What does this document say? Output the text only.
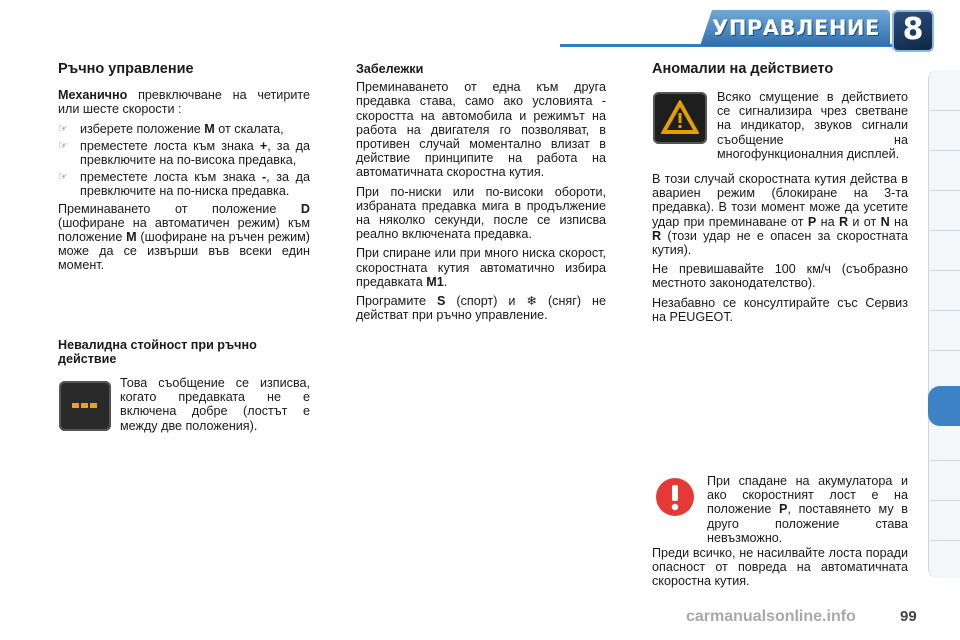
УПРАВЛЕНИЕ 8

Ръчно управление

Механично превключване на четирите или шесте скорости :

☞ изберете положение M от скалата,
☞ преместете лоста към знака +, за да превключите на по-висока предавка,
☞ преместете лоста към знака -, за да превключите на по-ниска предавка.

Преминаването от положение D (шофиране на автоматичен режим) към положение M (шофиране на ръчен режим) може да се извърши във всеки един момент.

Невалидна стойност при ръчно действие

Това съобщение се изписва, когато предавката не е включена добре (лостът е между две положения).

Забележки

Преминаването от една към друга предавка става, само ако условията - скоростта на автомобила и режимът на работа на двигателя го позволяват, в противен случай моментално влизат в действие принципите на работа на автоматичната скоростна кутия.

При по-ниски или по-високи обороти, избраната предавка мига в продължение на няколко секунди, после се изписва реално включената предавка.

При спиране или при много ниска скорост, скоростната кутия автоматично избира предавката M1.

Програмите S (спорт) и ❄ (сняг) не действат при ръчно управление.

Аномалии на действието

Всяко смущение в действието се сигнализира чрез светване на индикатор, звуков сигнали съобщение на многофункционалния дисплей.

В този случай скоростната кутия действа в авариен режим (блокиране на 3-та предавка). В този момент може да усетите удар при преминаване от P на R и от N на R (този удар не е опасен за скоростната кутия).

Не превишавайте 100 км/ч (съобразно местното законодателство).

Незабавно се консултирайте със Сервиз на PEUGEOT.

При спадане на акумулатора и ако скоростният лост е на положение P, поставянето му в друго положение става невъзможно.

Преди всичко, не насилвайте лоста поради опасност от повреда на автоматичната скоростна кутия.

carmanualsonline.info	99
